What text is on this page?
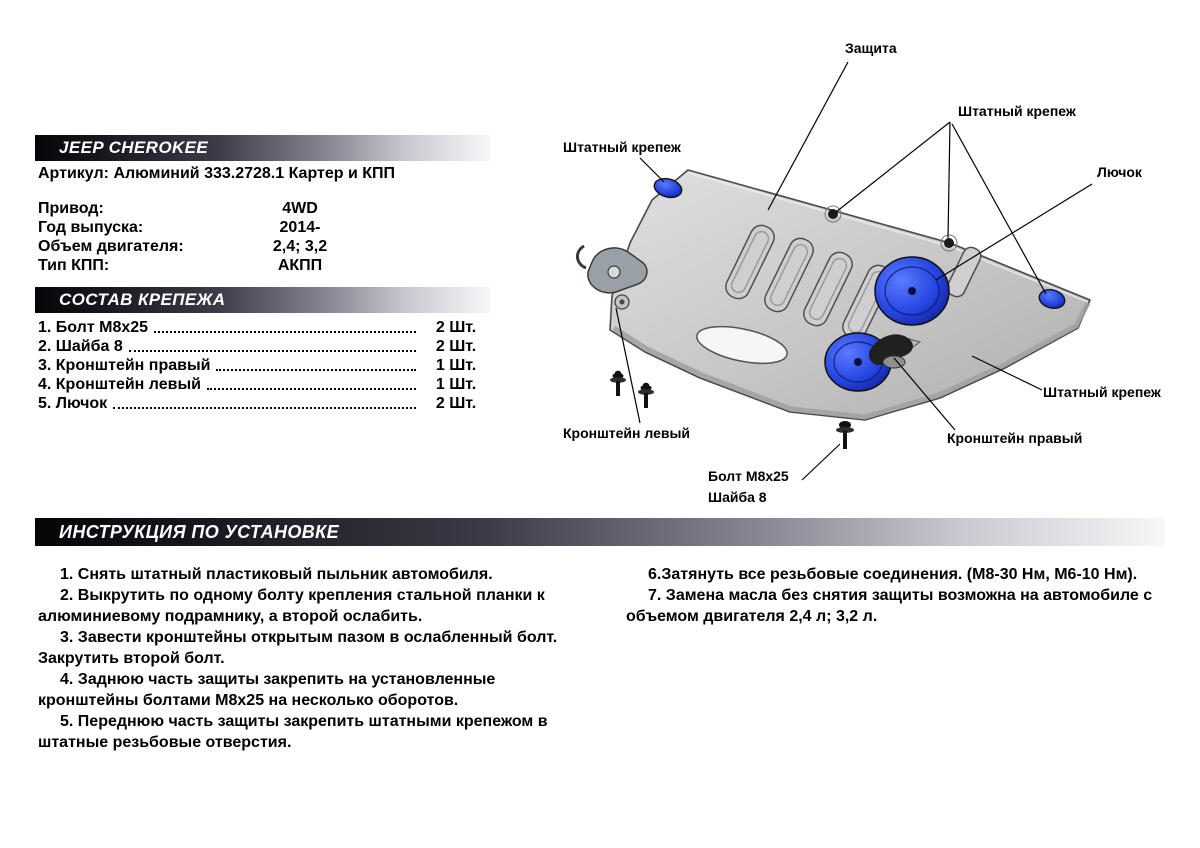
JEEP CHEROKEE
Артикул: Алюминий 333.2728.1 Картер и КПП
Привод:	4WD
Год выпуска:	2014-
Объем двигателя:	2,4; 3,2
Тип КПП:	АКПП
СОСТАВ КРЕПЕЖА
1. Болт М8х25	2 Шт.
2. Шайба 8	2 Шт.
3. Кронштейн правый	1 Шт.
4. Кронштейн левый	1 Шт.
5. Лючок	2 Шт.
Защита
Штатный крепеж
Штатный крепеж
Лючок
Штатный крепеж
Кронштейн левый	Кронштейн правый
Болт М8х25
Шайба 8
ИНСТРУКЦИЯ ПО УСТАНОВКЕ

1. Снять штатный пластиковый пыльник автомобиля.

2. Выкрутить по одному болту крепления стальной планки к алюминиевому подрамнику, а второй ослабить.

3. Завести кронштейны открытым пазом в ослабленный болт. Закрутить второй болт.

4. Заднюю часть защиты закрепить на установленные кронштейны болтами М8х25 на несколько оборотов.

5. Переднюю часть защиты закрепить штатными крепежом в штатные резьбовые отверстия.

6.Затянуть все резьбовые соединения. (М8-30 Нм, М6-10 Нм).

7. Замена масла без снятия защиты возможна на автомобиле с объемом двигателя 2,4 л; 3,2 л.
